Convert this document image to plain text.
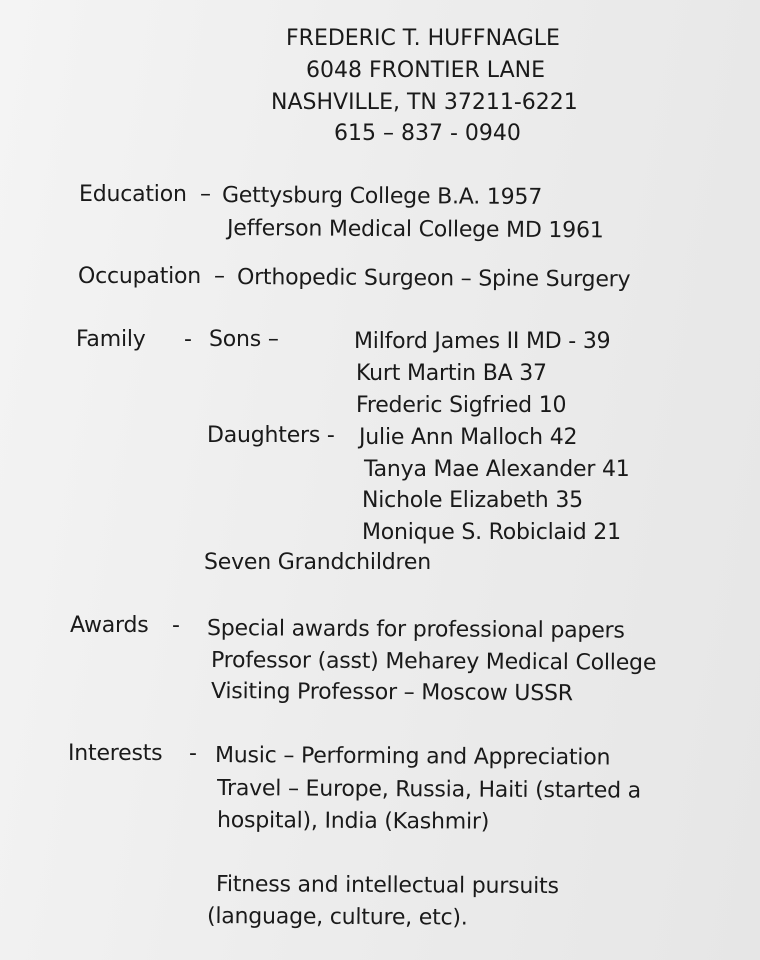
FREDERIC T. HUFFNAGLE
6048 FRONTIER LANE
NASHVILLE, TN 37211-6221
615 – 837 - 0940
Education – Gettysburg College B.A. 1957
Jefferson Medical College MD 1961
Occupation – Orthopedic Surgeon – Spine Surgery
Family - Sons –	Milford James II MD - 39
Kurt Martin BA 37
Frederic Sigfried 10
Daughters - Julie Ann Malloch 42
Tanya Mae Alexander 41
Nichole Elizabeth 35
Monique S. Robiclaid 21
Seven Grandchildren
Awards - Special awards for professional papers
Professor (asst) Meharey Medical College
Visiting Professor – Moscow USSR
Interests - Music – Performing and Appreciation
Travel – Europe, Russia, Haiti (started a
hospital), India (Kashmir)
Fitness and intellectual pursuits
(language, culture, etc).
